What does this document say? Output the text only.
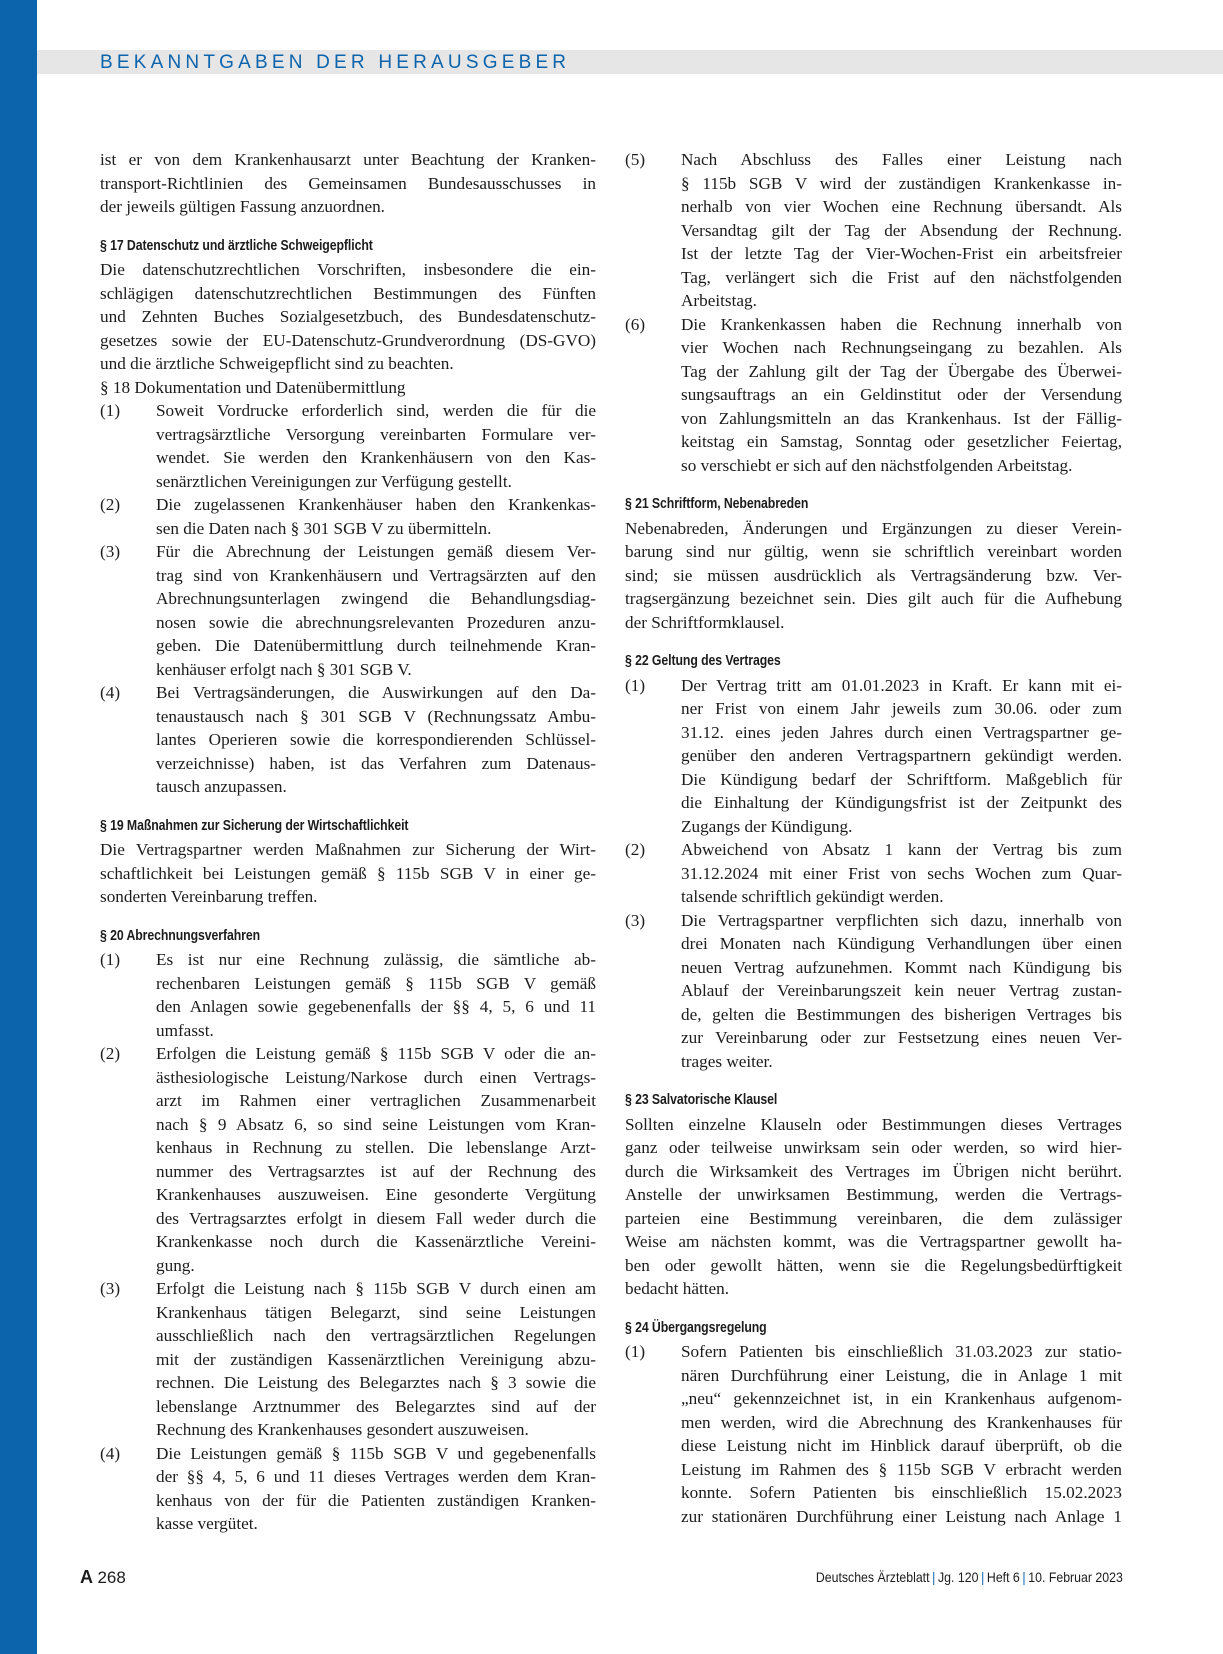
BEKANNTGABEN DER HERAUSGEBER
ist er von dem Krankenhausarzt unter Beachtung der Kranken-
transport-Richtlinien des Gemeinsamen Bundesausschusses in
der jeweils gültigen Fassung anzuordnen.
§ 17 Datenschutz und ärztliche Schweigepflicht
Die datenschutzrechtlichen Vorschriften, insbesondere die ein-
schlägigen datenschutzrechtlichen Bestimmungen des Fünften
und Zehnten Buches Sozialgesetzbuch, des Bundesdatenschutz-
gesetzes sowie der EU-Datenschutz-Grundverordnung (DS-GVO)
und die ärztliche Schweigepflicht sind zu beachten.
§ 18 Dokumentation und Datenübermittlung
(1) Soweit Vordrucke erforderlich sind, werden die für die
vertragsärztliche Versorgung vereinbarten Formulare ver-
wendet. Sie werden den Krankenhäusern von den Kas-
senärztlichen Vereinigungen zur Verfügung gestellt.
(2) Die zugelassenen Krankenhäuser haben den Krankenkas-
sen die Daten nach § 301 SGB V zu übermitteln.
(3) Für die Abrechnung der Leistungen gemäß diesem Ver-
trag sind von Krankenhäusern und Vertragsärzten auf den
Abrechnungsunterlagen zwingend die Behandlungsdiag-
nosen sowie die abrechnungsrelevanten Prozeduren anzu-
geben. Die Datenübermittlung durch teilnehmende Kran-
kenhäuser erfolgt nach § 301 SGB V.
(4) Bei Vertragsänderungen, die Auswirkungen auf den Da-
tenaustausch nach § 301 SGB V (Rechnungssatz Ambu-
lantes Operieren sowie die korrespondierenden Schlüssel-
verzeichnisse) haben, ist das Verfahren zum Datenaus-
tausch anzupassen.
§ 19 Maßnahmen zur Sicherung der Wirtschaftlichkeit
Die Vertragspartner werden Maßnahmen zur Sicherung der Wirt-
schaftlichkeit bei Leistungen gemäß § 115b SGB V in einer ge-
sonderten Vereinbarung treffen.
§ 20 Abrechnungsverfahren
(1) Es ist nur eine Rechnung zulässig, die sämtliche ab-
rechenbaren Leistungen gemäß § 115b SGB V gemäß
den Anlagen sowie gegebenenfalls der §§ 4, 5, 6 und 11
umfasst.
(2) Erfolgen die Leistung gemäß § 115b SGB V oder die an-
ästhesiologische Leistung/Narkose durch einen Vertrags-
arzt im Rahmen einer vertraglichen Zusammenarbeit
nach § 9 Absatz 6, so sind seine Leistungen vom Kran-
kenhaus in Rechnung zu stellen. Die lebenslange Arzt-
nummer des Vertragsarztes ist auf der Rechnung des
Krankenhauses auszuweisen. Eine gesonderte Vergütung
des Vertragsarztes erfolgt in diesem Fall weder durch die
Krankenkasse noch durch die Kassenärztliche Vereini-
gung.
(3) Erfolgt die Leistung nach § 115b SGB V durch einen am
Krankenhaus tätigen Belegarzt, sind seine Leistungen
ausschließlich nach den vertragsärztlichen Regelungen
mit der zuständigen Kassenärztlichen Vereinigung abzu-
rechnen. Die Leistung des Belegarztes nach § 3 sowie die
lebenslange Arztnummer des Belegarztes sind auf der
Rechnung des Krankenhauses gesondert auszuweisen.
(4) Die Leistungen gemäß § 115b SGB V und gegebenenfalls
der §§ 4, 5, 6 und 11 dieses Vertrages werden dem Kran-
kenhaus von der für die Patienten zuständigen Kranken-
kasse vergütet.
(5) Nach Abschluss des Falles einer Leistung nach
§ 115b SGB V wird der zuständigen Krankenkasse in-
nerhalb von vier Wochen eine Rechnung übersandt. Als
Versandtag gilt der Tag der Absendung der Rechnung.
Ist der letzte Tag der Vier-Wochen-Frist ein arbeitsfreier
Tag, verlängert sich die Frist auf den nächstfolgenden
Arbeitstag.
(6) Die Krankenkassen haben die Rechnung innerhalb von
vier Wochen nach Rechnungseingang zu bezahlen. Als
Tag der Zahlung gilt der Tag der Übergabe des Überwei-
sungsauftrags an ein Geldinstitut oder der Versendung
von Zahlungsmitteln an das Krankenhaus. Ist der Fällig-
keitstag ein Samstag, Sonntag oder gesetzlicher Feiertag,
so verschiebt er sich auf den nächstfolgenden Arbeitstag.
§ 21 Schriftform, Nebenabreden
Nebenabreden, Änderungen und Ergänzungen zu dieser Verein-
barung sind nur gültig, wenn sie schriftlich vereinbart worden
sind; sie müssen ausdrücklich als Vertragsänderung bzw. Ver-
tragsergänzung bezeichnet sein. Dies gilt auch für die Aufhebung
der Schriftformklausel.
§ 22 Geltung des Vertrages
(1) Der Vertrag tritt am 01.01.2023 in Kraft. Er kann mit ei-
ner Frist von einem Jahr jeweils zum 30.06. oder zum
31.12. eines jeden Jahres durch einen Vertragspartner ge-
genüber den anderen Vertragspartnern gekündigt werden.
Die Kündigung bedarf der Schriftform. Maßgeblich für
die Einhaltung der Kündigungsfrist ist der Zeitpunkt des
Zugangs der Kündigung.
(2) Abweichend von Absatz 1 kann der Vertrag bis zum
31.12.2024 mit einer Frist von sechs Wochen zum Quar-
talsende schriftlich gekündigt werden.
(3) Die Vertragspartner verpflichten sich dazu, innerhalb von
drei Monaten nach Kündigung Verhandlungen über einen
neuen Vertrag aufzunehmen. Kommt nach Kündigung bis
Ablauf der Vereinbarungszeit kein neuer Vertrag zustan-
de, gelten die Bestimmungen des bisherigen Vertrages bis
zur Vereinbarung oder zur Festsetzung eines neuen Ver-
trages weiter.
§ 23 Salvatorische Klausel
Sollten einzelne Klauseln oder Bestimmungen dieses Vertrages
ganz oder teilweise unwirksam sein oder werden, so wird hier-
durch die Wirksamkeit des Vertrages im Übrigen nicht berührt.
Anstelle der unwirksamen Bestimmung, werden die Vertrags-
parteien eine Bestimmung vereinbaren, die dem zulässiger
Weise am nächsten kommt, was die Vertragspartner gewollt ha-
ben oder gewollt hätten, wenn sie die Regelungsbedürftigkeit
bedacht hätten.
§ 24 Übergangsregelung
(1) Sofern Patienten bis einschließlich 31.03.2023 zur statio-
nären Durchführung einer Leistung, die in Anlage 1 mit
„neu“ gekennzeichnet ist, in ein Krankenhaus aufgenom-
men werden, wird die Abrechnung des Krankenhauses für
diese Leistung nicht im Hinblick darauf überprüft, ob die
Leistung im Rahmen des § 115b SGB V erbracht werden
konnte. Sofern Patienten bis einschließlich 15.02.2023
zur stationären Durchführung einer Leistung nach Anlage 1
A 268	Deutsches Ärzteblatt | Jg. 120 | Heft 6 | 10. Februar 2023
